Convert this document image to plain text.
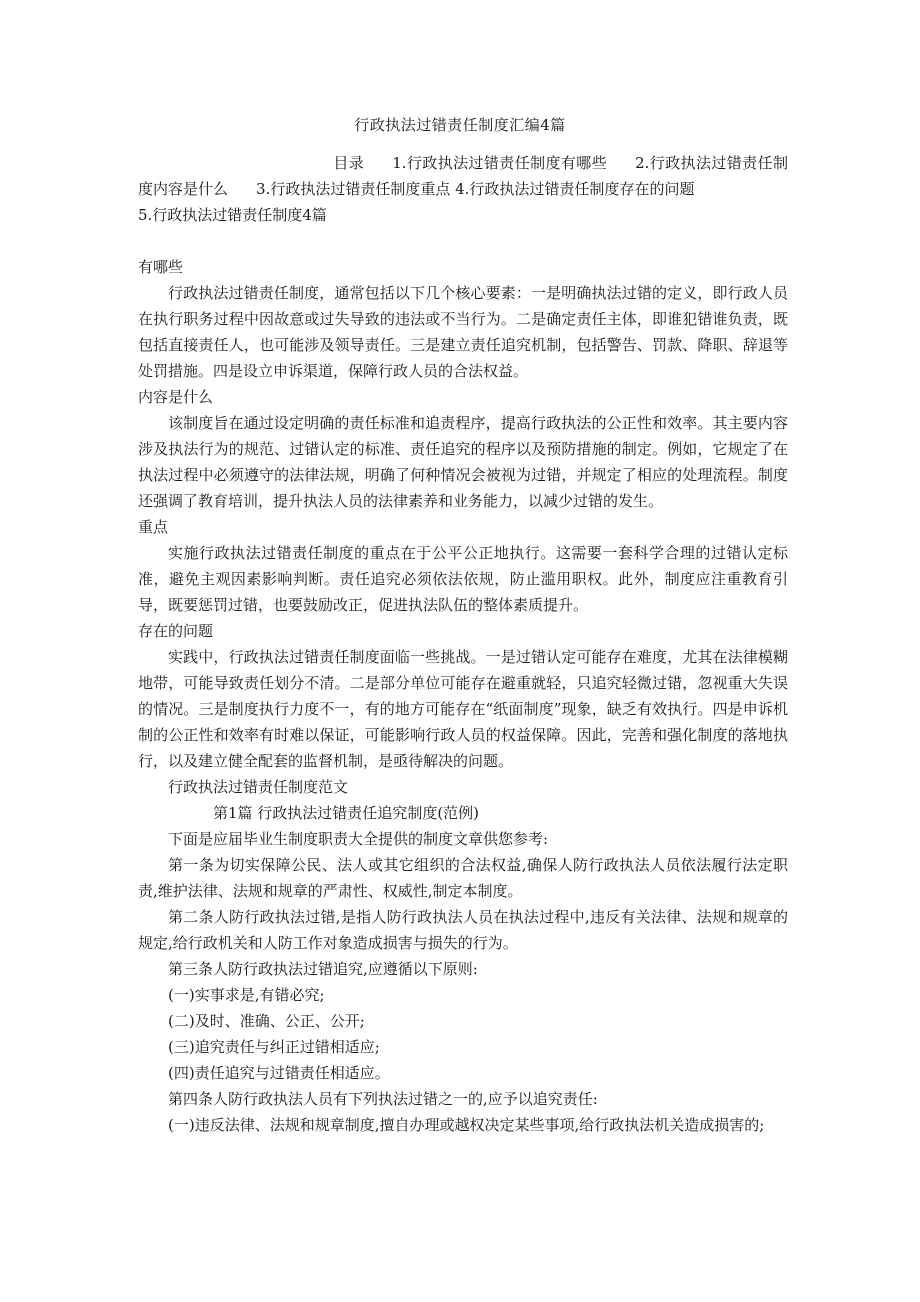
行政执法过错责任制度汇编4篇
目录 1.行政执法过错责任制度有哪些 2.行政执法过错责任制度内容是什么 3.行政执法过错责任制度重点 4.行政执法过错责任制度存在的问题
5.行政执法过错责任制度4篇

有哪些

行政执法过错责任制度，通常包括以下几个核心要素：一是明确执法过错的定义，即行政人员在执行职务过程中因故意或过失导致的违法或不当行为。二是确定责任主体，即谁犯错谁负责，既包括直接责任人，也可能涉及领导责任。三是建立责任追究机制，包括警告、罚款、降职、辞退等处罚措施。四是设立申诉渠道，保障行政人员的合法权益。

内容是什么

该制度旨在通过设定明确的责任标准和追责程序，提高行政执法的公正性和效率。其主要内容涉及执法行为的规范、过错认定的标准、责任追究的程序以及预防措施的制定。例如，它规定了在执法过程中必须遵守的法律法规，明确了何种情况会被视为过错，并规定了相应的处理流程。制度还强调了教育培训，提升执法人员的法律素养和业务能力，以减少过错的发生。

重点

实施行政执法过错责任制度的重点在于公平公正地执行。这需要一套科学合理的过错认定标准，避免主观因素影响判断。责任追究必须依法依规，防止滥用职权。此外，制度应注重教育引导，既要惩罚过错，也要鼓励改正，促进执法队伍的整体素质提升。

存在的问题

实践中，行政执法过错责任制度面临一些挑战。一是过错认定可能存在难度，尤其在法律模糊地带，可能导致责任划分不清。二是部分单位可能存在避重就轻，只追究轻微过错，忽视重大失误的情况。三是制度执行力度不一，有的地方可能存在“纸面制度”现象，缺乏有效执行。四是申诉机制的公正性和效率有时难以保证，可能影响行政人员的权益保障。因此，完善和强化制度的落地执行，以及建立健全配套的监督机制，是亟待解决的问题。

行政执法过错责任制度范文

第1篇 行政执法过错责任追究制度(范例)

下面是应届毕业生制度职责大全提供的制度文章供您参考:

第一条为切实保障公民、法人或其它组织的合法权益,确保人防行政执法人员依法履行法定职责,维护法律、法规和规章的严肃性、权威性,制定本制度。

第二条人防行政执法过错,是指人防行政执法人员在执法过程中,违反有关法律、法规和规章的规定,给行政机关和人防工作对象造成损害与损失的行为。

第三条人防行政执法过错追究,应遵循以下原则:

(一)实事求是,有错必究;

(二)及时、准确、公正、公开;

(三)追究责任与纠正过错相适应;

(四)责任追究与过错责任相适应。

第四条人防行政执法人员有下列执法过错之一的,应予以追究责任:

(一)违反法律、法规和规章制度,擅自办理或越权决定某些事项,给行政执法机关造成损害的;
